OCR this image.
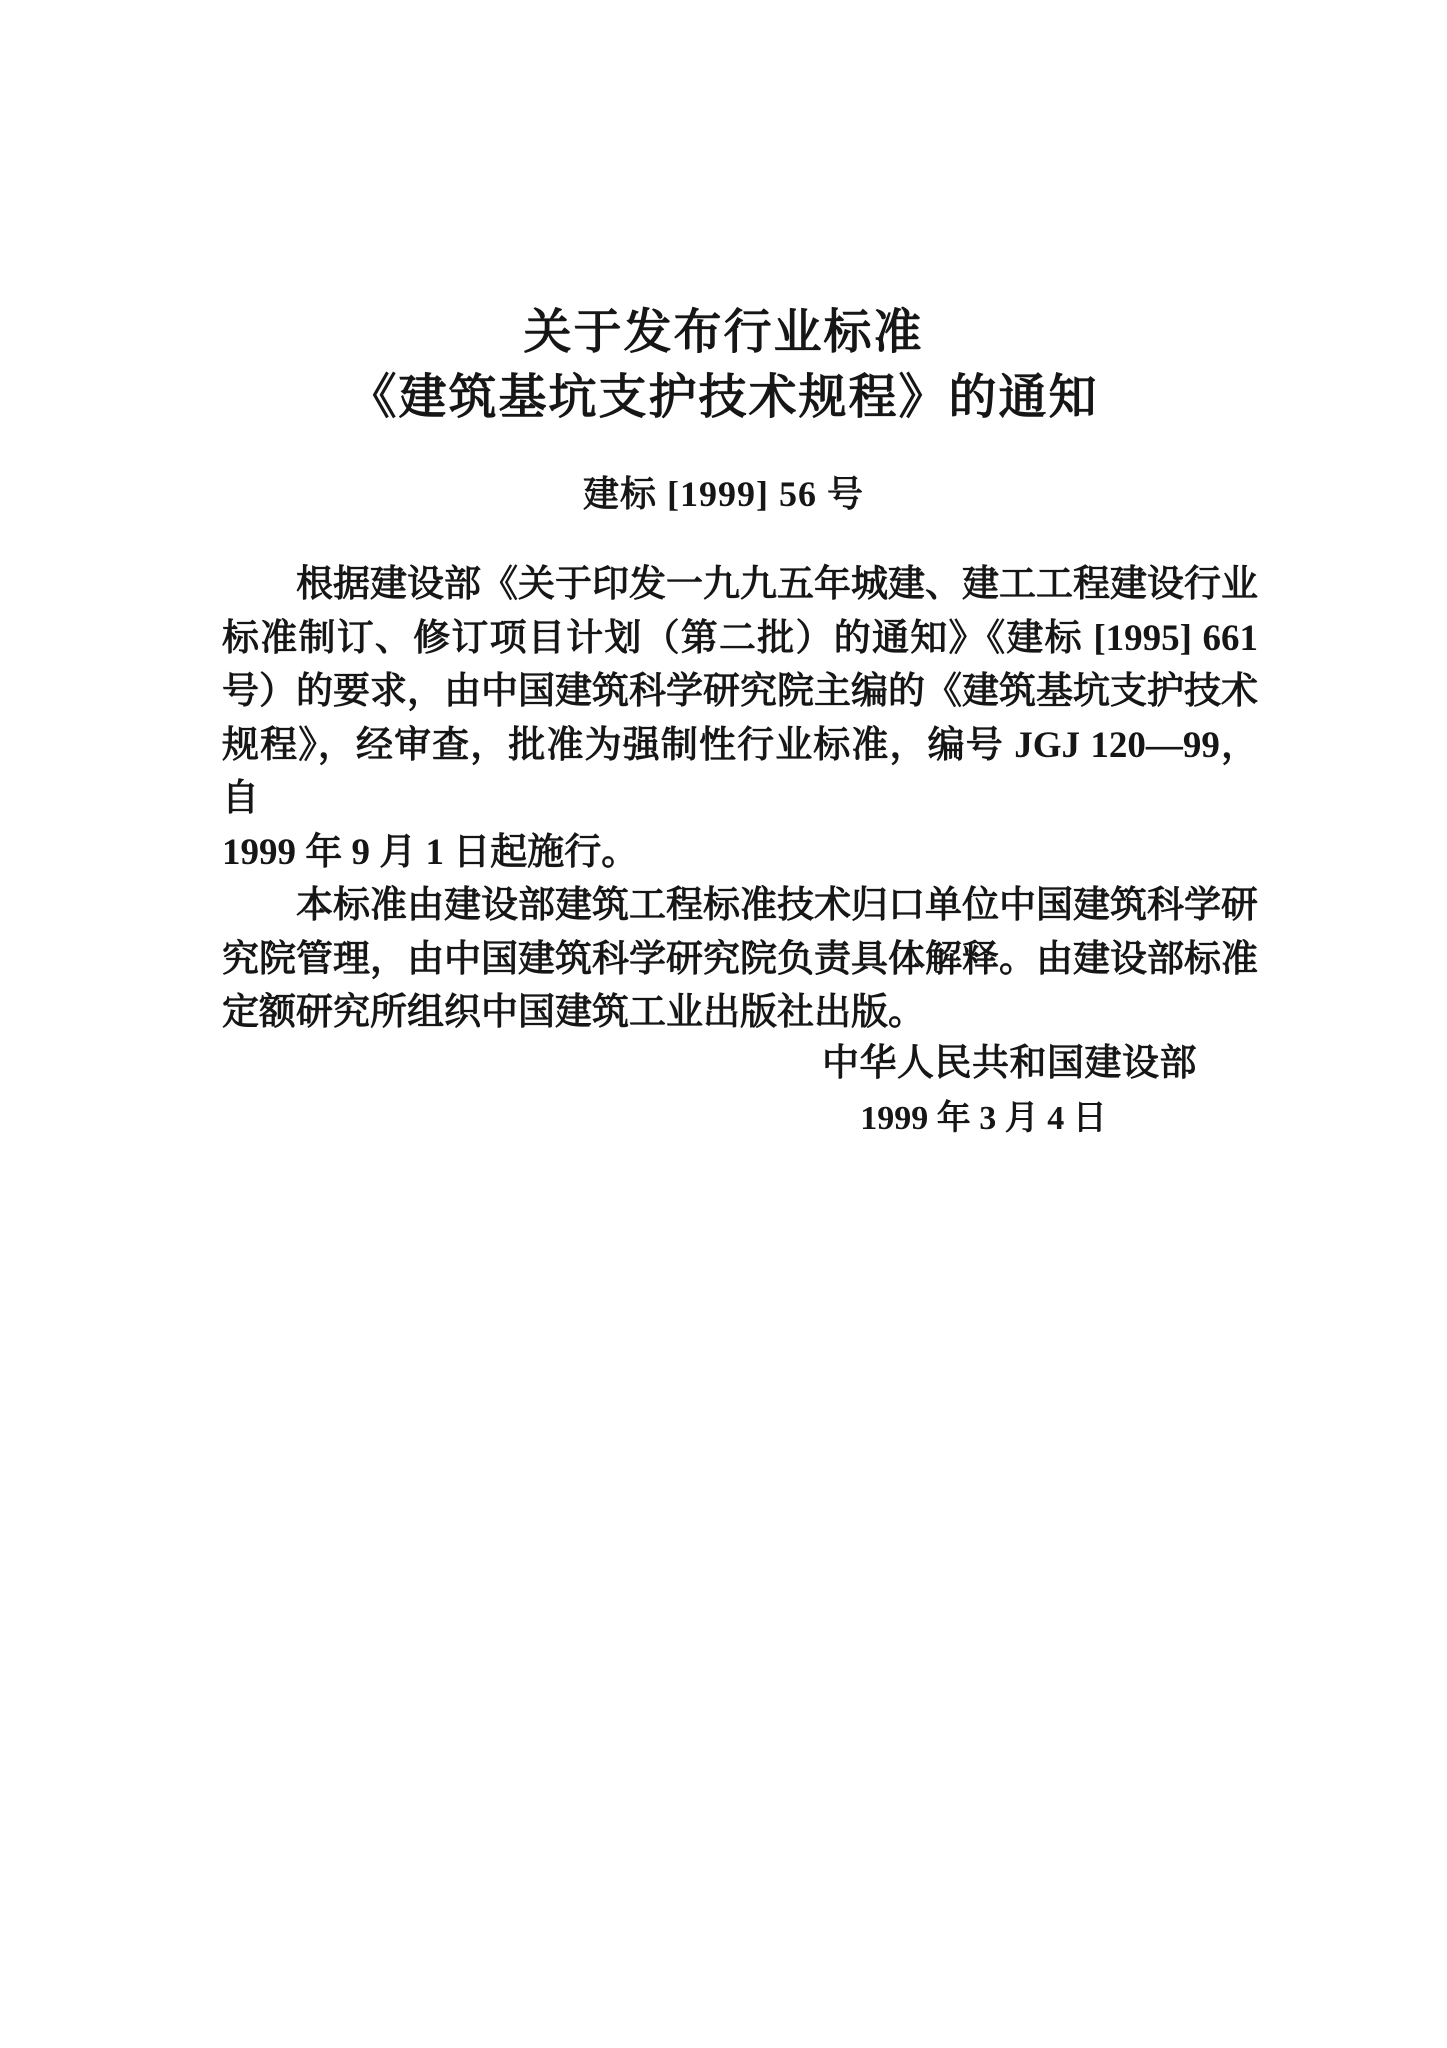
关于发布行业标准
《建筑基坑支护技术规程》的通知
建标 [1999] 56 号
根据建设部《关于印发一九九五年城建、建工工程建设行业
标准制订、修订项目计划（第二批）的通知》《建标 [1995] 661
号）的要求，由中国建筑科学研究院主编的《建筑基坑支护技术
规程》，经审查，批准为强制性行业标准，编号 JGJ 120—99，自
1999 年 9 月 1 日起施行。
本标准由建设部建筑工程标准技术归口单位中国建筑科学研
究院管理，由中国建筑科学研究院负责具体解释。由建设部标准
定额研究所组织中国建筑工业出版社出版。
中华人民共和国建设部
1999 年 3 月 4 日
